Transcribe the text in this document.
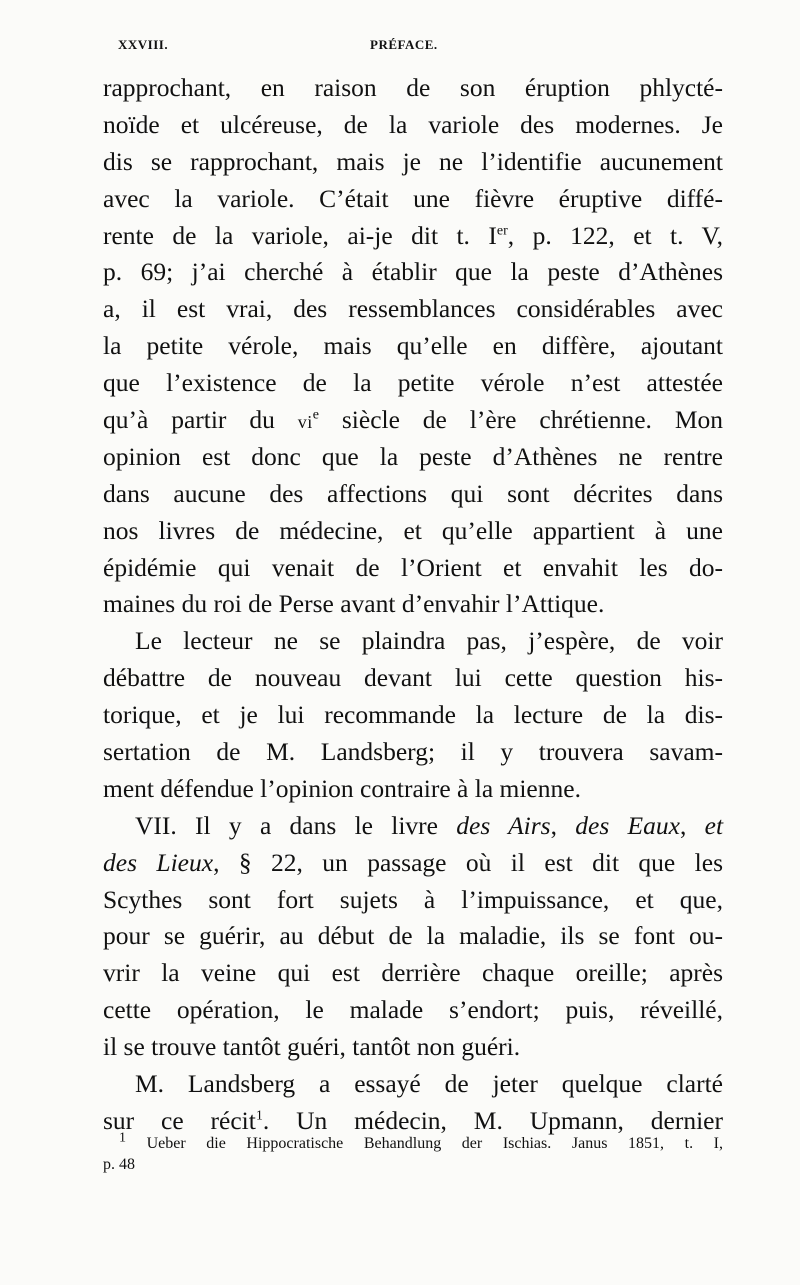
XXVIII.	PRÉFACE.
rapprochant, en raison de son éruption phlycté-
noïde et ulcéreuse, de la variole des modernes. Je
dis se rapprochant, mais je ne l’identifie aucunement
avec la variole. C’était une fièvre éruptive diffé-
rente de la variole, ai-je dit t. Ier, p. 122, et t. V,
p. 69; j’ai cherché à établir que la peste d’Athènes
a, il est vrai, des ressemblances considérables avec
la petite vérole, mais qu’elle en diffère, ajoutant
que l’existence de la petite vérole n’est attestée
qu’à partir du $vi^e$ siècle de l’ère chrétienne. Mon
opinion est donc que la peste d’Athènes ne rentre
dans aucune des affections qui sont décrites dans
nos livres de médecine, et qu’elle appartient à une
épidémie qui venait de l’Orient et envahit les do-
maines du roi de Perse avant d’envahir l’Attique.
Le lecteur ne se plaindra pas, j’espère, de voir
débattre de nouveau devant lui cette question his-
torique, et je lui recommande la lecture de la dis-
sertation de M. Landsberg; il y trouvera savam-
ment défendue l’opinion contraire à la mienne.
VII. Il y a dans le livre des Airs, des Eaux, et
des Lieux, § 22, un passage où il est dit que les
Scythes sont fort sujets à l’impuissance, et que,
pour se guérir, au début de la maladie, ils se font ou-
vrir la veine qui est derrière chaque oreille; après
cette opération, le malade s’endort; puis, réveillé,
il se trouve tantôt guéri, tantôt non guéri.
M. Landsberg a essayé de jeter quelque clarté
sur ce récit$^1$. Un médecin, M. Upmann, dernier
$^1$ Ueber die Hippocratische Behandlung der Ischias. Janus 1851, t. I,
p. 48
